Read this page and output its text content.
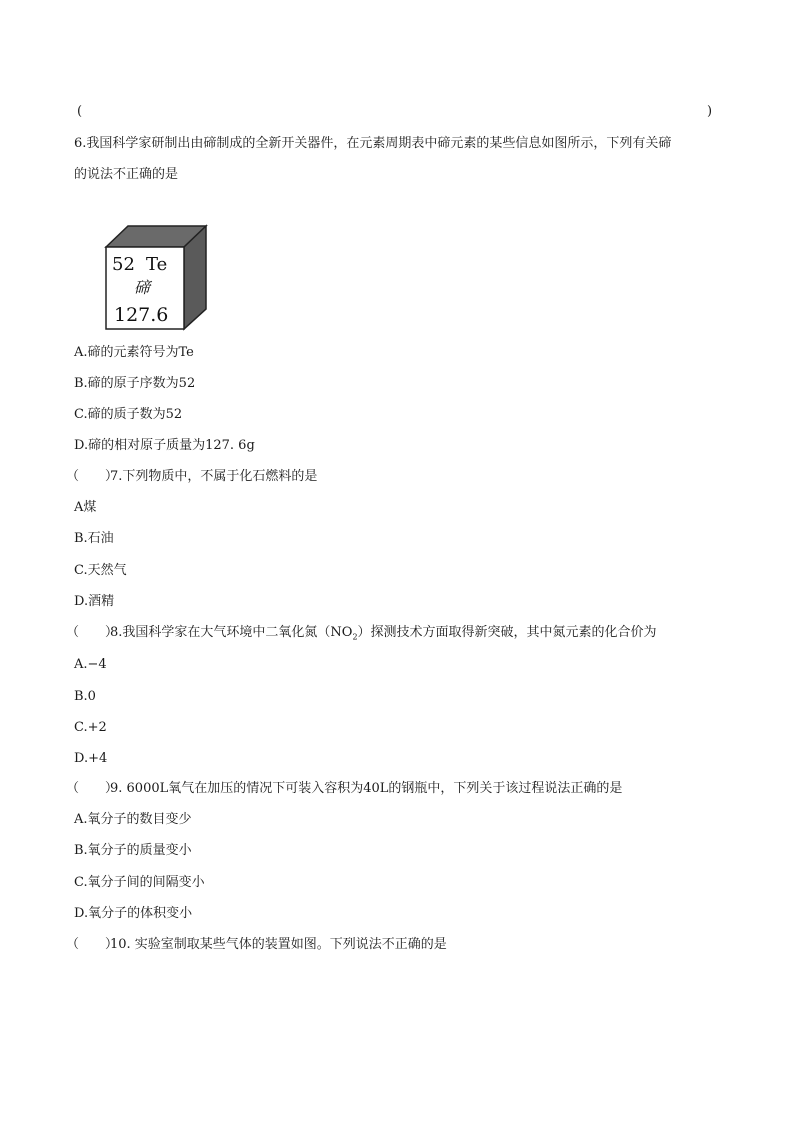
(	)
6.我国科学家研制出由碲制成的全新开关器件，在元素周期表中碲元素的某些信息如图所示，下列有关碲
的说法不正确的是
52 Te
碲
127.6
A.碲的元素符号为Te
B.碲的原子序数为52
C.碲的质子数为52
D.碲的相对原子质量为127. 6g
（　　）7.下列物质中，不属于化石燃料的是
A煤
B.石油
C.天然气
D.酒精
（　　）8.我国科学家在大气环境中二氧化氮$(NO_2)$探测技术方面取得新突破，其中氮元素的化合价为
A.−4
B.0
C.+2
D.+4
（　　）9. 6000L氧气在加压的情况下可装入容积为40L的钢瓶中，下列关于该过程说法正确的是
A.氧分子的数目变少
B.氧分子的质量变小
C.氧分子间的间隔变小
D.氧分子的体积变小
（　　）10. 实验室制取某些气体的装置如图。下列说法不正确的是
